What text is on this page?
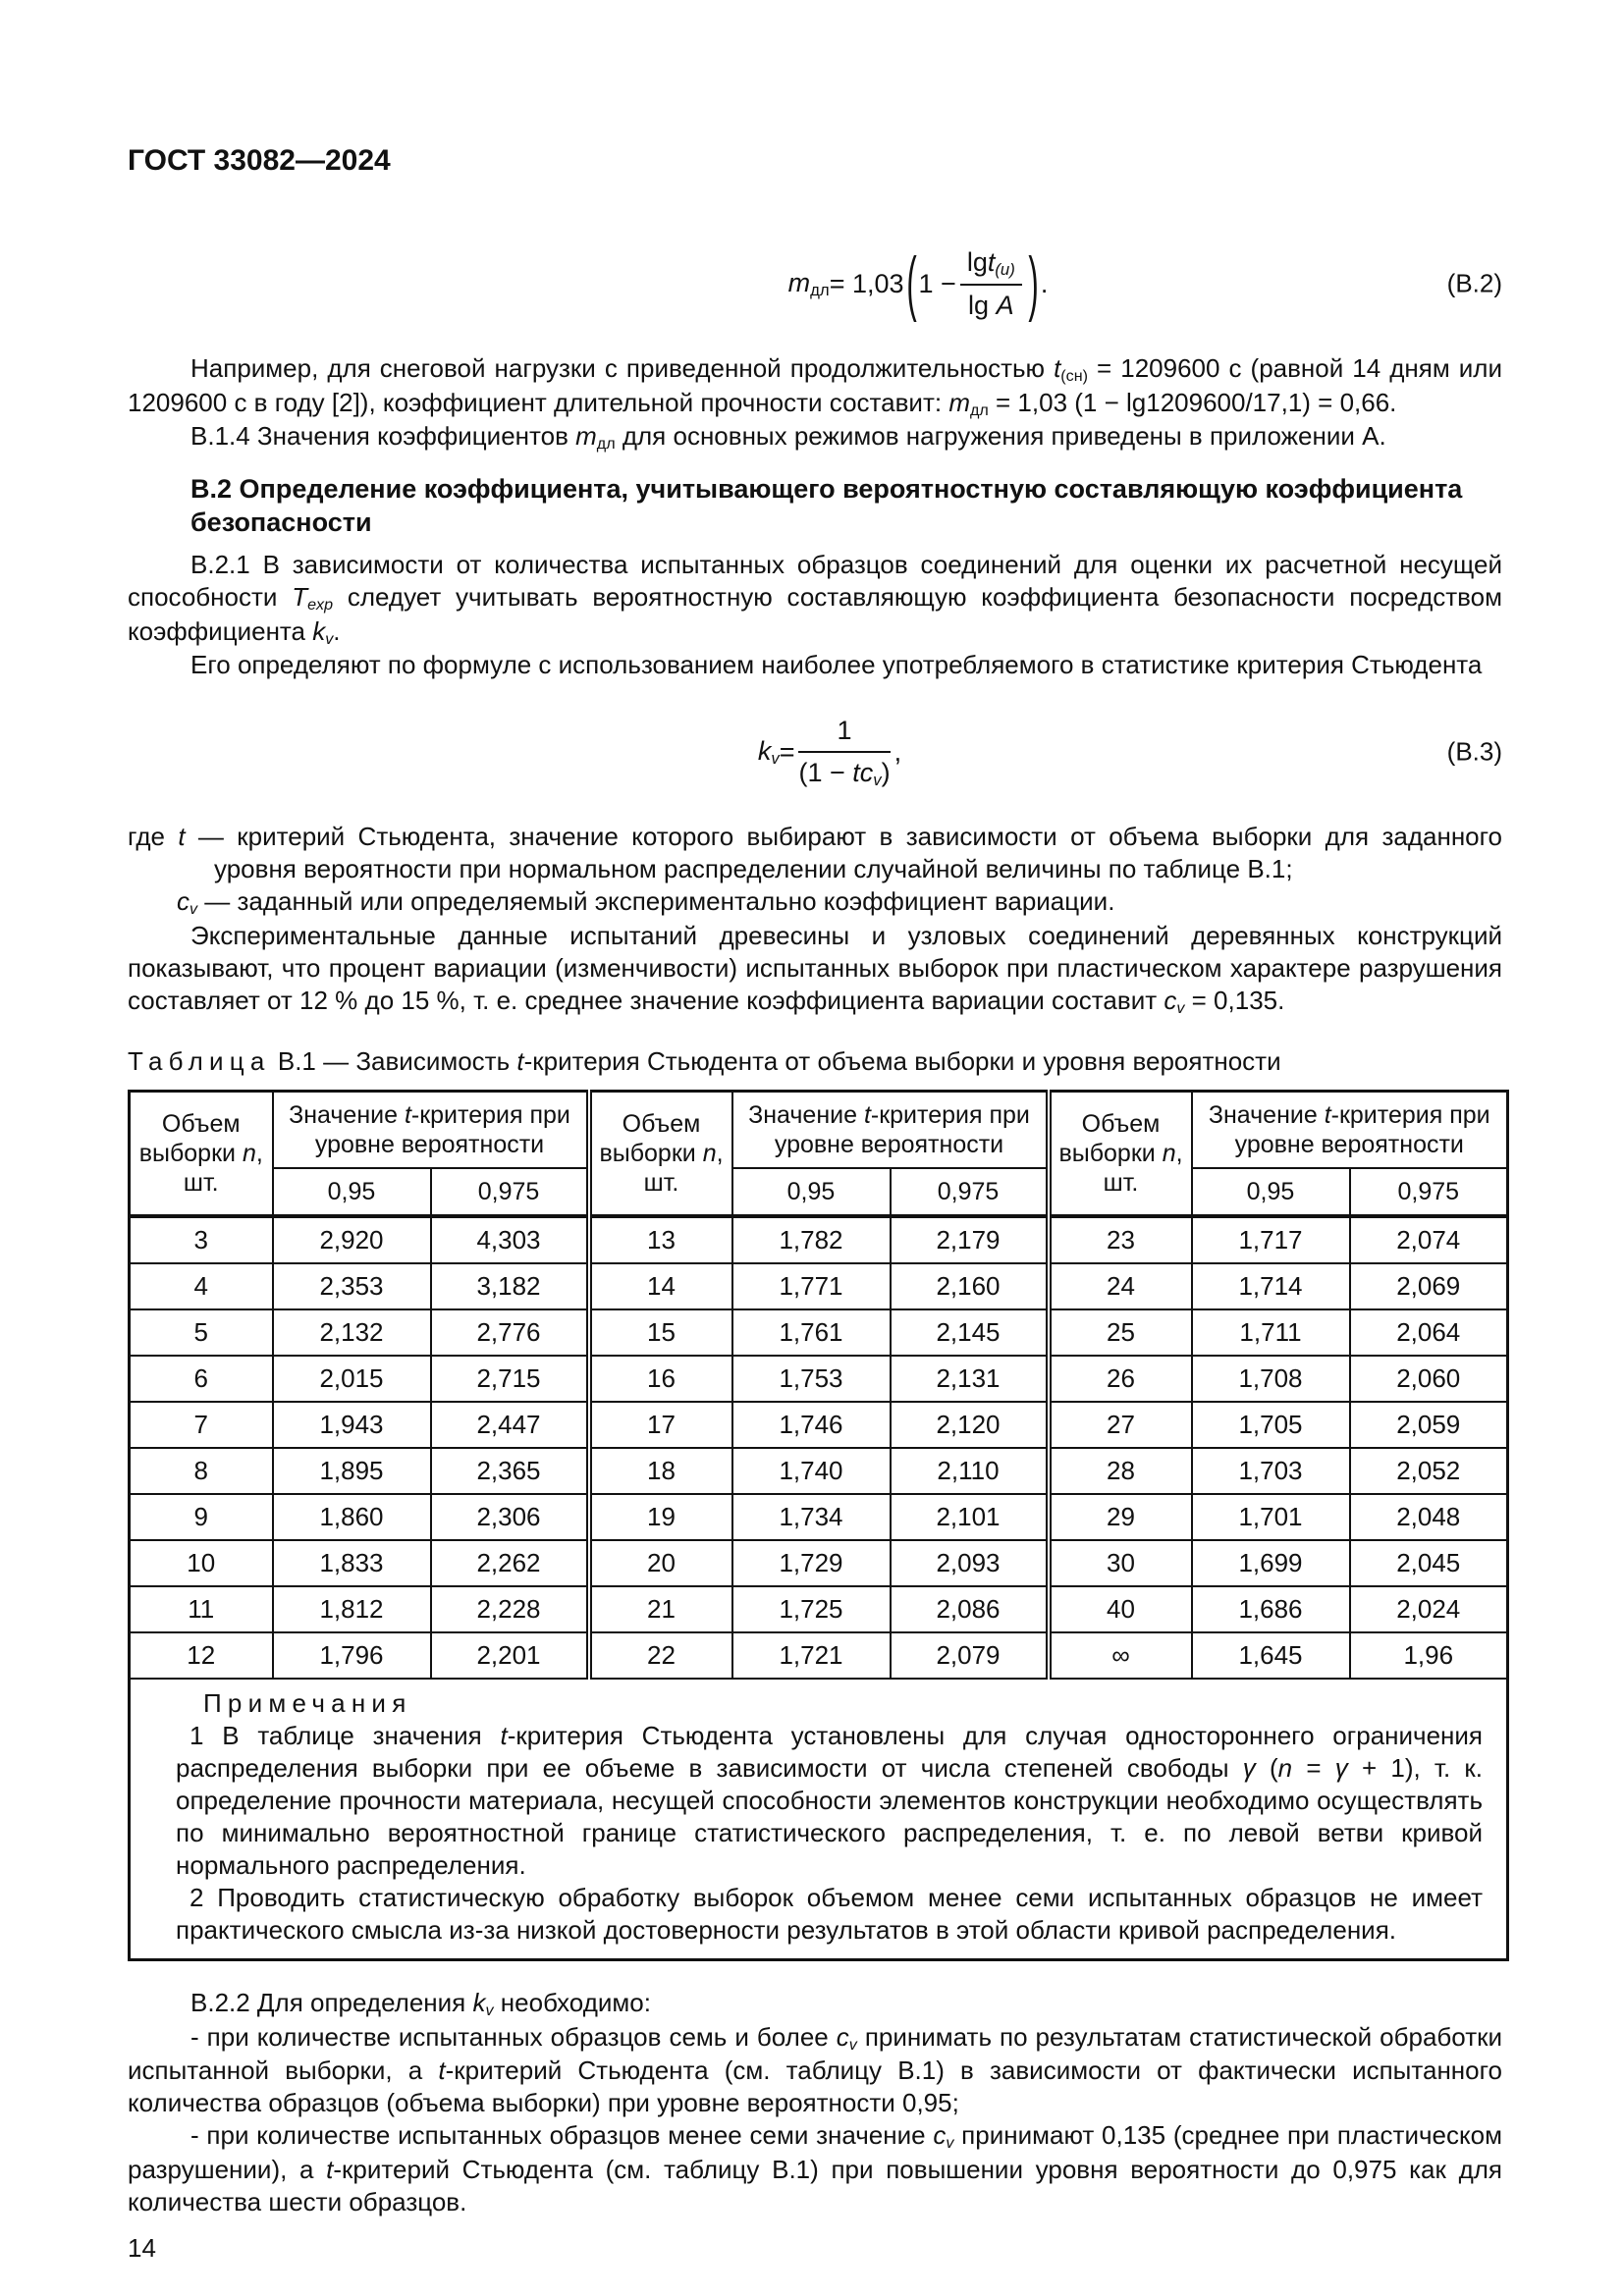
ГОСТ 33082—2024
$m_{дл} = 1,03$ ( $1 - \frac{\lg t_{(u)}}{\text{lg A}}$ ) .	(В.2)

Например, для снеговой нагрузки с приведенной продолжительностью $t_{(сн)} = 1209600$ с (равной 14 дням или 1209600 с в году [2]), коэффициент длительной прочности составит: $m_{дл} = 1,03$ (1 − lg1209600/17,1) = 0,66.

В.1.4 Значения коэффициентов $m_{дл}$ для основных режимов нагружения приведены в приложении А.

В.2 Определение коэффициента, учитывающего вероятностную составляющую коэффициента безопасности

В.2.1 В зависимости от количества испытанных образцов соединений для оценки их расчетной несущей способности $T_{exp}$ следует учитывать вероятностную составляющую коэффициента безопасности посредством коэффициента $k_v$.

Его определяют по формуле с использованием наиболее употребляемого в статистике критерия Стьюдента

$k_v = \frac{1}{(1 - tc_v)}$ ,	(В.3)

где t — критерий Стьюдента, значение которого выбирают в зависимости от объема выборки для заданного уровня вероятности при нормальном распределении случайной величины по таблице В.1;

$c_v$ — заданный или определяемый экспериментально коэффициент вариации.

Экспериментальные данные испытаний древесины и узловых соединений деревянных конструкций показывают, что процент вариации (изменчивости) испытанных выборок при пластическом характере разрушения составляет от 12 % до 15 %, т. е. среднее значение коэффициента вариации составит $c_v = 0,135$.

Таблица В.1 — Зависимость t-критерия Стьюдента от объема выборки и уровня вероятности
Объем выборки n, шт.	Значение t-критерия при уровне вероятности		Объем выборки n, шт.	Значение t-критерия при уровне вероятности		Объем выборки n, шт.	Значение t-критерия при уровне вероятности	
	0,95	0,975		0,95	0,975		0,95	0,975
3	2,920	4,303	13	1,782	2,179	23	1,717	2,074
4	2,353	3,182	14	1,771	2,160	24	1,714	2,069
5	2,132	2,776	15	1,761	2,145	25	1,711	2,064
6	2,015	2,715	16	1,753	2,131	26	1,708	2,060
7	1,943	2,447	17	1,746	2,120	27	1,705	2,059
8	1,895	2,365	18	1,740	2,110	28	1,703	2,052
9	1,860	2,306	19	1,734	2,101	29	1,701	2,048
10	1,833	2,262	20	1,729	2,093	30	1,699	2,045
11	1,812	2,228	21	1,725	2,086	40	1,686	2,024
12	1,796	2,201	22	1,721	2,079	∞	1,645	1,96

Примечания

1 В таблице значения t-критерия Стьюдента установлены для случая одностороннего ограничения распределения выборки при ее объеме в зависимости от числа степеней свободы γ (n = γ + 1), т. к. определение прочности материала, несущей способности элементов конструкции необходимо осуществлять по минимально вероятностной границе статистического распределения, т. е. по левой ветви кривой нормального распределения.

2 Проводить статистическую обработку выборок объемом менее семи испытанных образцов не имеет практического смысла из-за низкой достоверности результатов в этой области кривой распределения.								

В.2.2 Для определения $k_v$ необходимо:

- при количестве испытанных образцов семь и более $c_v$ принимать по результатам статистической обработки испытанной выборки, а t-критерий Стьюдента (см. таблицу В.1) в зависимости от фактически испытанного количества образцов (объема выборки) при уровне вероятности 0,95;

- при количестве испытанных образцов менее семи значение $c_v$ принимают 0,135 (среднее при пластическом разрушении), а t-критерий Стьюдента (см. таблицу В.1) при повышении уровня вероятности до 0,975 как для количества шести образцов.

14
